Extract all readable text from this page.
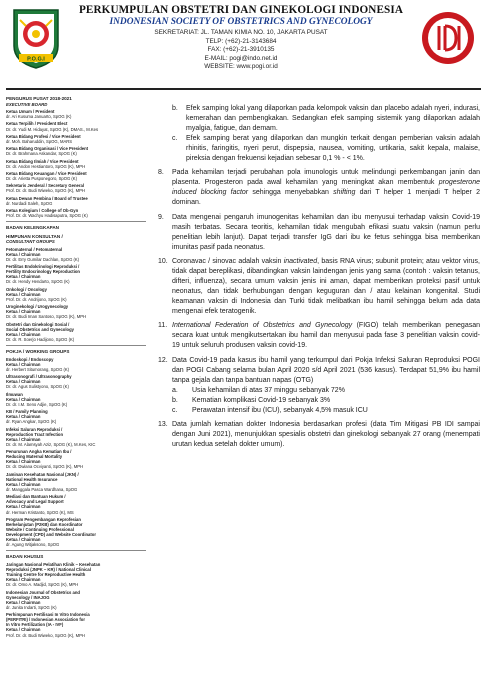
P.O.G.I
PERKUMPULAN OBSTETRI DAN GINEKOLOGI INDONESIA
INDONESIAN SOCIETY OF OBSTETRICS AND GYNECOLOGY
SEKRETARIAT: JL. TAMAN KIMIA NO. 10, JAKARTA PUSAT
TELP: (+62)-21-3143684
FAX: (+62)-21-3910135
E-MAIL: pogi@indo.net.id
WEBSITE: www.pogi.or.id	POGI
PENGURUS PUSAT 2018-2021
EXECUTIVE BOARD
Ketua Umum / President
dr. Ari Kusuma Januarto, SpOG (K)
Ketua Terpilih / President Elect
Dr. dr. Yudi M. Hidayat, SpOG (K), DMAS., M.Kes
Ketua Bidang Profesi / Vice President
dr. Moh. Baharuddin, SpOG, MARS
Ketua Bidang Organisasi / Vice President
Dr. dr. Brahmana Askandar, SpOG (K)
Ketua Bidang Ilmiah / Vice President
Dr. dr. Andon Hestiantoro, SpOG (K), MPH
Ketua Bidang Keuangan / Vice President
Dr. dr. Arietta Pusponegoro, SpOG (K)
Sekretaris Jenderal / Secretary General
Prof. Dr. dr. Budi Wiweko, SpOG (K), MPH
Ketua Dewan Pembina / Board of Trustee
dr. Nurdadi Saleh, SpOG
Ketua Kolegium / College of Ob-Gyn
Prof. Dr. dr. Wachyu Hadisaputra, SpOG (K)
BADAN KELENGKAPAN
HIMPUNAN KONSULTAN /
CONSULTANT GROUPS
Fetomaternal / Fetomaternal
Ketua / Chairman
Dr. dr. Erry Gumilar Dachlan, SpOG (K)
Fertilitas Endokrinologi Reproduksi /
Fertility Endocrinology Reproduction
Ketua / Chairman
Dr. dr. Hendy Hendarto, SpOG (K)
Onkologi / Oncology
Ketua / Chairman
Prof. Dr. dr. Andrijono, SpOG (K)
Uroginekologi / Urogynecology
Ketua / Chairman
Dr. dr. Budi Iman Santoso, SpOG (K), MPH
Obstetri dan Ginekologi Sosial /
Social Obstetrics and Gynecology
Ketua / Chairman
Dr. dr. R. Soerjo Hadijono, SpOG (K)
POKJA / WORKING GROUPS
Endoskopi / Endoscopy
Ketua / Chairman
dr. Herbert Situmorang, SpOG (K)
Ultrasonografi / Ultrasonography
Ketua / Chairman
Dr. dr. Agus Sulistyono, SpOG (K)
Ilmuwan
Ketua / Chairman
Dr. dr. I.M. Seno Adjie, SpOG (K)
KB / Family Planning
Ketua / Chairman
dr. Ryan Angkar, SpOG (K)
Infeksi Saluran Reproduksi /
Reproduction Tract Infection
Ketua / Chairman
Dr. dr. M. Alamsyah Aziz, SpOG (K), M.Kes, KIC
Penurunan Angka Kematian Ibu /
Reducing Maternal Mortality
Ketua / Chairman
Dr. dr. Dwiana Ocviyanti, SpOG (K), MPH
Jaminan Kesehatan Nasional (JKN) /
National Health Insurance
Ketua / Chairman
dr. Manggala Pasca Wardhana, SpOG
Mediasi dan Bantuan Hukum /
Advocacy and Legal Support
Ketua / Chairman
dr. Herman Kristanto, SpOG (K), MS
Program Pengembangan Keprofesian
Berkelanjutan (P2KB) dan Koordinator
Website / Continuing Professional
Development (CPD) and Website Coordinator
Ketua / Chairman
dr. Agung Witjaksono, SpOG
BADAN KHUSUS
Jaringan Nasional Pelatihan Klinik – Kesehatan
Reproduksi (JNPK – KR) / National Clinical
Training Centre for Reproductive Health
Ketua / Chairman
Dr. dr. Omo A. Madjid, SpOG (K), MPH
Indonesian Journal of Obstetrics and
Gynecology / INAJOG
Ketua / Chairman
dr. Junita Indarti, SpOG (K)
Perhimpunan Fertilisasi In Vitro Indonesia
(PERFITRI) / Indonesian Association for
In Vitro Fertilization (IA - IVF)
Ketua / Chairman
Prof. Dr. dr. Budi Wiweko, SpOG (K), MPH
b. Efek samping lokal yang dilaporkan pada kelompok vaksin dan placebo adalah nyeri, indurasi, kemerahan dan pembengkakan. Sedangkan efek samping sistemik yang dilaporkan adalah myalgia, fatigue, dan demam.
c. Efek samping berat yang dilaporkan dan mungkin terkait dengan pemberian vaksin adalah rhinitis, faringitis, nyeri perut, dispepsia, nausea, vomiting, urtikaria, sakit kepala, malaise, pireksia dengan frekuensi kejadian sebesar 0,1 % - < 1%.
8. Pada kehamilan terjadi perubahan pola imunologis untuk melindungi perkembangan janin dan plasenta. Progesteron pada awal kehamilan yang meningkat akan membentuk progesterone induced blocking factor sehingga menyebabkan shifting dari T helper 1 menjadi T helper 2 dominan.
9. Data mengenai pengaruh imunogenitas kehamilan dan ibu menyusui terhadap vaksin Covid-19 masih terbatas. Secara teoritis, kehamilan tidak mengubah efikasi suatu vaksin (namun perlu penelitian lebih lanjut). Dapat terjadi transfer IgG dari ibu ke fetus sehingga bisa memberikan imunitas pasif pada neonatus.
10. Coronavac / sinovac adalah vaksin inactivated, basis RNA virus; subunit protein; atau vektor virus, tidak dapat bereplikasi, dibandingkan vaksin laindengan jenis yang sama (contoh : vaksin tetanus, difteri, influenza), secara umum vaksin jenis ini aman, dapat memberikan proteksi pasif untuk neonatus, dan tidak berhubungan dengan keguguran dan / atau kelainan kongenital. Studi keamanan vaksin di Indonesia dan Turki tidak melibatkan ibu hamil sehingga belum ada data mengenai efek teratogenik.
11. International Federation of Obstetrics and Gynecology (FIGO) telah memberikan penegasan secara kuat untuk mengikutsertakan ibu hamil dan menyusui pada fase 3 penelitian vaksin covid-19 untuk seluruh produsen vaksin covid-19.
12. Data Covid-19 pada kasus ibu hamil yang terkumpul dari Pokja Infeksi Saluran Reproduksi POGI dan POGI Cabang selama bulan April 2020 s/d April 2021 (536 kasus). Terdapat 51,9% ibu hamil tanpa gejala dan tanpa bantuan napas (OTG)
a. Usia kehamilan di atas 37 minggu sebanyak 72%
b. Kematian komplikasi Covid-19 sebanyak 3%
c. Perawatan intensif ibu (ICU), sebanyak 4,5% masuk ICU
13. Data jumlah kematian dokter Indonesia berdasarkan profesi (data Tim Mitigasi PB IDI sampai dengan Juni 2021), menunjukkan spesialis obstetri dan ginekologi sebanyak 27 orang (menempati urutan kedua setelah dokter umum).
